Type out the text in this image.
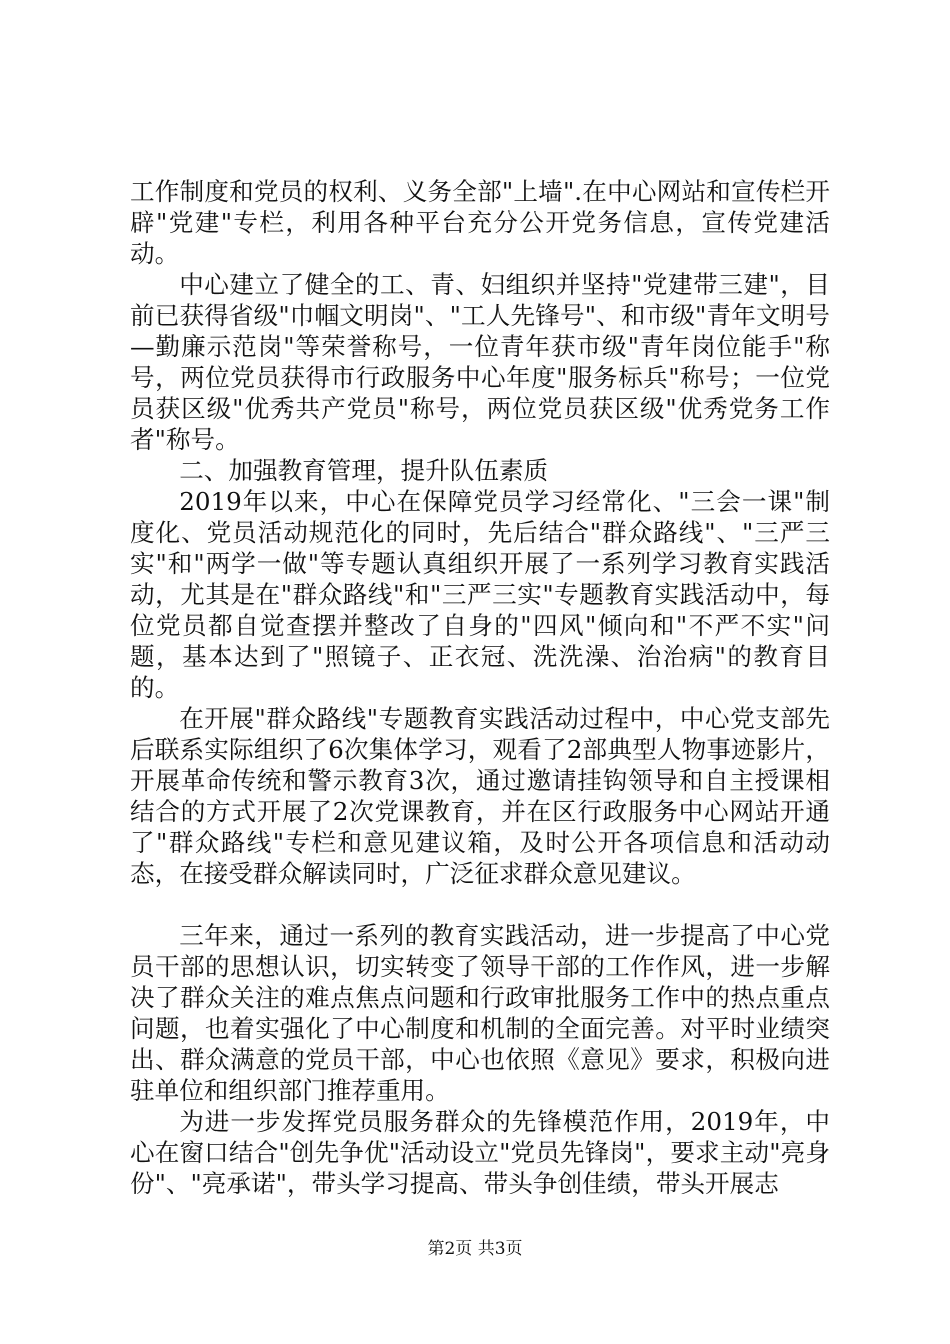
工作制度和党员的权利、义务全部"上墙".在中心网站和宣传栏开辟"党建"专栏，利用各种平台充分公开党务信息，宣传党建活动。

中心建立了健全的工、青、妇组织并坚持"党建带三建"，目前已获得省级"巾帼文明岗"、"工人先锋号"、和市级"青年文明号—勤廉示范岗"等荣誉称号，一位青年获市级"青年岗位能手"称号，两位党员获得市行政服务中心年度"服务标兵"称号；一位党员获区级"优秀共产党员"称号，两位党员获区级"优秀党务工作者"称号。

二、加强教育管理，提升队伍素质

2019年以来，中心在保障党员学习经常化、"三会一课"制度化、党员活动规范化的同时，先后结合"群众路线"、"三严三实"和"两学一做"等专题认真组织开展了一系列学习教育实践活动，尤其是在"群众路线"和"三严三实"专题教育实践活动中，每位党员都自觉查摆并整改了自身的"四风"倾向和"不严不实"问题，基本达到了"照镜子、正衣冠、洗洗澡、治治病"的教育目的。

在开展"群众路线"专题教育实践活动过程中，中心党支部先后联系实际组织了6次集体学习，观看了2部典型人物事迹影片，开展革命传统和警示教育3次，通过邀请挂钩领导和自主授课相结合的方式开展了2次党课教育，并在区行政服务中心网站开通了"群众路线"专栏和意见建议箱，及时公开各项信息和活动动态，在接受群众解读同时，广泛征求群众意见建议。

三年来，通过一系列的教育实践活动，进一步提高了中心党员干部的思想认识，切实转变了领导干部的工作作风，进一步解决了群众关注的难点焦点问题和行政审批服务工作中的热点重点问题，也着实强化了中心制度和机制的全面完善。对平时业绩突出、群众满意的党员干部，中心也依照《意见》要求，积极向进驻单位和组织部门推荐重用。

为进一步发挥党员服务群众的先锋模范作用，2019年，中心在窗口结合"创先争优"活动设立"党员先锋岗"，要求主动"亮身份"、"亮承诺"，带头学习提高、带头争创佳绩，带头开展志

第2页 共3页
